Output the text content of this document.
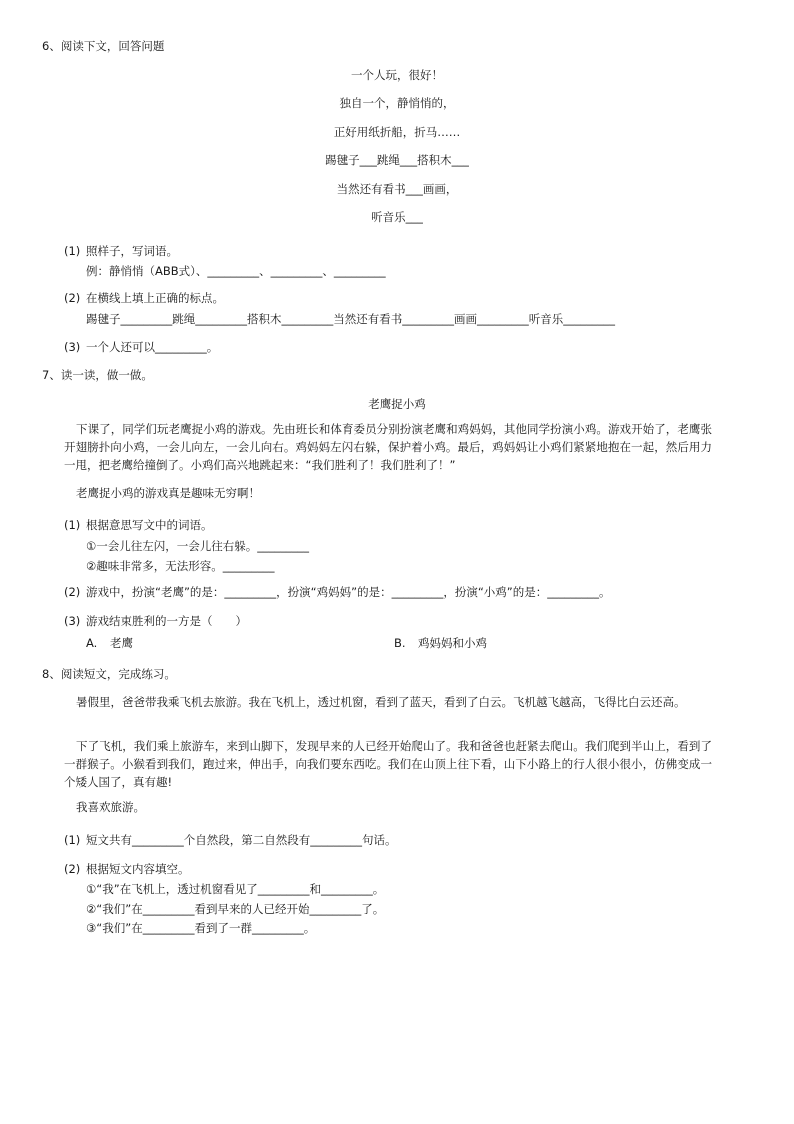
6、阅读下文，回答问题
一个人玩，很好！
独自一个，静悄悄的，
正好用纸折船，折马……
踢毽子___跳绳___搭积木___
当然还有看书___画画，
听音乐___
(1) 照样子，写词语。
例：静悄悄（ABB式）、_________、_________、_________
(2) 在横线上填上正确的标点。
踢毽子_________跳绳_________搭积木_________当然还有看书_________画画_________听音乐_________
(3) 一个人还可以_________。
7、读一读，做一做。
老鹰捉小鸡
下课了，同学们玩老鹰捉小鸡的游戏。先由班长和体育委员分别扮演老鹰和鸡妈妈，其他同学扮演小鸡。游戏开始了，老鹰张开翅膀扑向小鸡，一会儿向左，一会儿向右。鸡妈妈左闪右躲，保护着小鸡。最后，鸡妈妈让小鸡们紧紧地抱在一起，然后用力一甩，把老鹰给撞倒了。小鸡们高兴地跳起来：“我们胜利了！我们胜利了！”
老鹰捉小鸡的游戏真是趣味无穷啊！
(1) 根据意思写文中的词语。
①一会儿往左闪，一会儿往右躲。_________
②趣味非常多，无法形容。_________
(2) 游戏中，扮演“老鹰”的是：_________，扮演“鸡妈妈”的是：_________，扮演“小鸡”的是：_________。
(3) 游戏结束胜利的一方是（　　）
A. 老鹰	B. 鸡妈妈和小鸡
8、阅读短文，完成练习。
暑假里，爸爸带我乘飞机去旅游。我在飞机上，透过机窗，看到了蓝天，看到了白云。飞机越飞越高，飞得比白云还高。
下了飞机，我们乘上旅游车，来到山脚下，发现早来的人已经开始爬山了。我和爸爸也赶紧去爬山。我们爬到半山上，看到了一群猴子。小猴看到我们，跑过来，伸出手，向我们要东西吃。我们在山顶上往下看，山下小路上的行人很小很小，仿佛变成一个矮人国了，真有趣!
我喜欢旅游。
(1) 短文共有_________个自然段，第二自然段有_________句话。
(2) 根据短文内容填空。
①“我”在飞机上，透过机窗看见了_________和_________。
②“我们”在_________看到早来的人已经开始_________了。
③“我们”在_________看到了一群_________。
